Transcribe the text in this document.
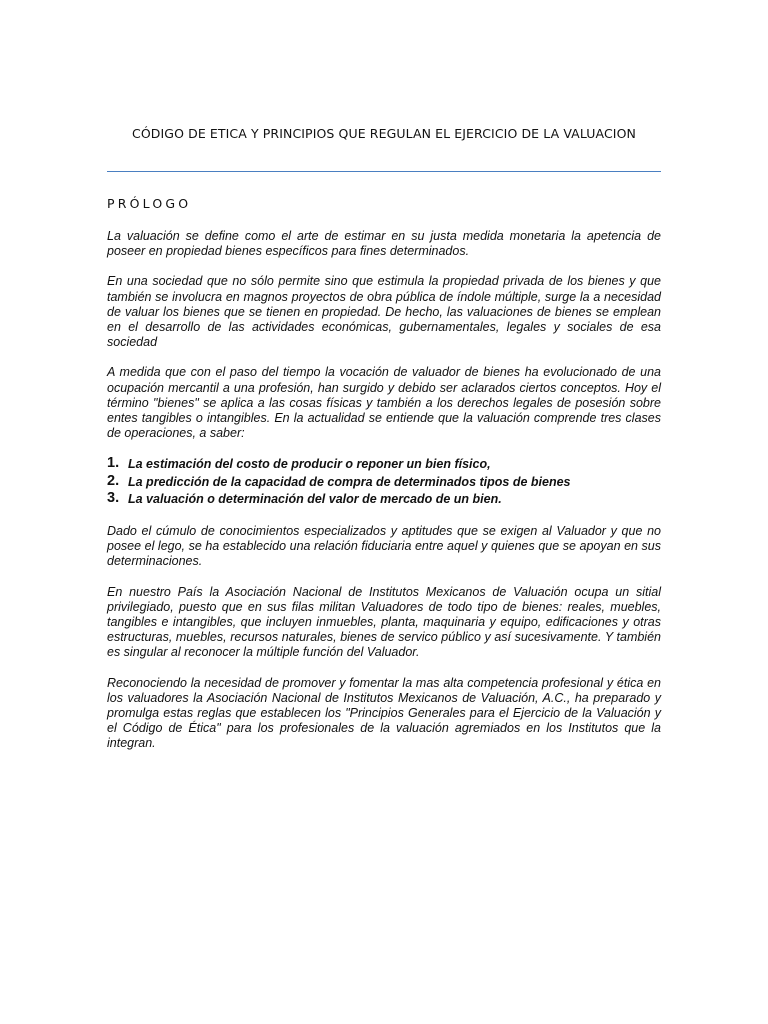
CÓDIGO DE ETICA Y PRINCIPIOS QUE REGULAN EL EJERCICIO DE LA VALUACION
PRÓLOGO

La valuación se define como el arte de estimar en su justa medida monetaria la apetencia de poseer en propiedad bienes específicos para fines determinados.

En una sociedad que no sólo permite sino que estimula la propiedad privada de los bienes y que también se involucra en magnos proyectos de obra pública de índole múltiple, surge la a necesidad de valuar los bienes que se tienen en propiedad. De hecho, las valuaciones de bienes se emplean en el desarrollo de las actividades económicas, gubernamentales, legales y sociales de esa sociedad

A medida que con el paso del tiempo la vocación de valuador de bienes ha evolucionado de una ocupación mercantil a una profesión, han surgido y debido ser aclarados ciertos conceptos. Hoy el término "bienes" se aplica a las cosas físicas y también a los derechos legales de posesión sobre entes tangibles o intangibles. En la actualidad se entiende que la valuación comprende tres clases de operaciones, a saber:

1. La estimación del costo de producir o reponer un bien físico,
2. La predicción de la capacidad de compra de determinados tipos de bienes
3. La valuación o determinación del valor de mercado de un bien.

Dado el cúmulo de conocimientos especializados y aptitudes que se exigen al Valuador y que no posee el lego, se ha establecido una relación fiduciaria entre aquel y quienes que se apoyan en sus determinaciones.

En nuestro País la Asociación Nacional de Institutos Mexicanos de Valuación ocupa un sitial privilegiado, puesto que en sus filas militan Valuadores de todo tipo de bienes: reales, muebles, tangibles e intangibles, que incluyen inmuebles, planta, maquinaria y equipo, edificaciones y otras estructuras, muebles, recursos naturales, bienes de servico público y así sucesivamente. Y también es singular al reconocer la múltiple función del Valuador.

Reconociendo la necesidad de promover y fomentar la mas alta competencia profesional y ética en los valuadores la Asociación Nacional de Institutos Mexicanos de Valuación, A.C., ha preparado y promulga estas reglas que establecen los "Principios Generales para el Ejercicio de la Valuación y el Código de Ética" para los profesionales de la valuación agremiados en los Institutos que la integran.
